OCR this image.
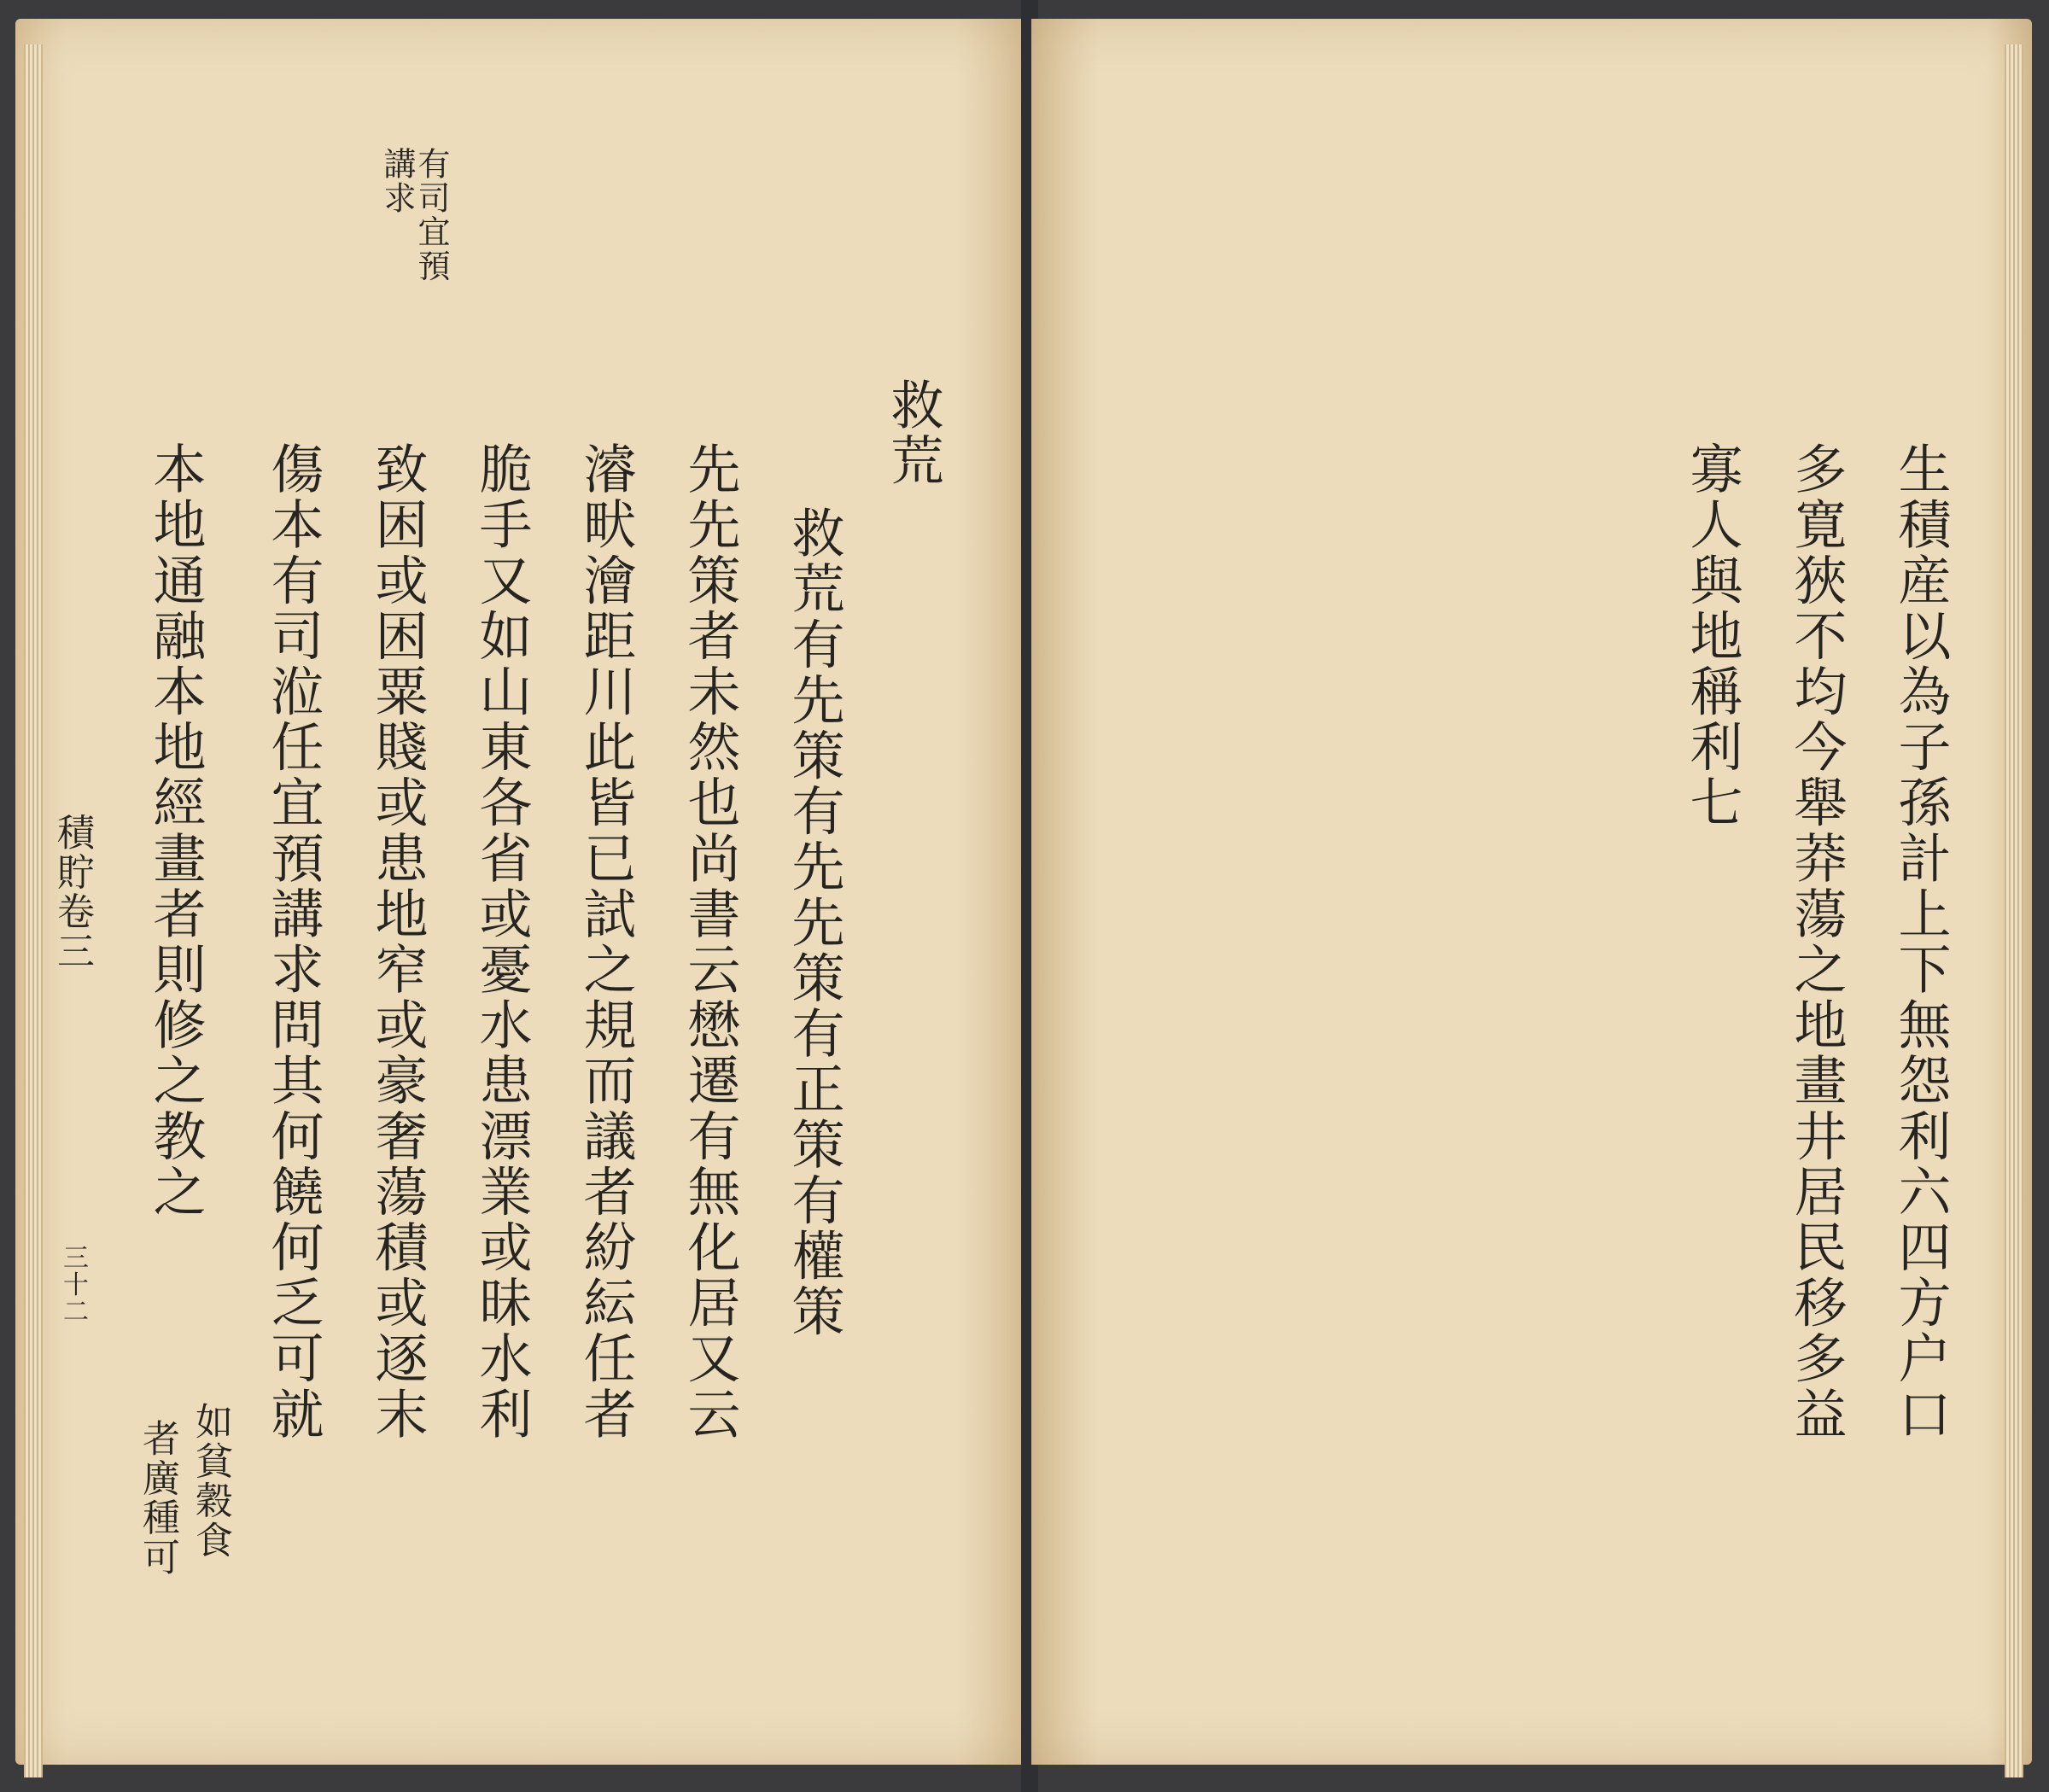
有司宜預
講求
救荒
救荒有先策有先先策有正策有權策
先先策者未然也尚書云懋遷有無化居又云
濬畎澮距川此皆已試之規而議者紛紜任者
脆手又如山東各省或憂水患漂業或昧水利
致困或困粟賤或患地窄或豪奢蕩積或逐末
傷本有司涖任宜預講求問其何饒何乏可就
本地通融本地經畫者則修之教之
如貧穀食
者廣種可
積貯卷三
三十二
　	生積産以為子孫計上下無怨利六四方户口
多寛狹不均今舉莽蕩之地畫井居民移多益
寡人與地稱利七
